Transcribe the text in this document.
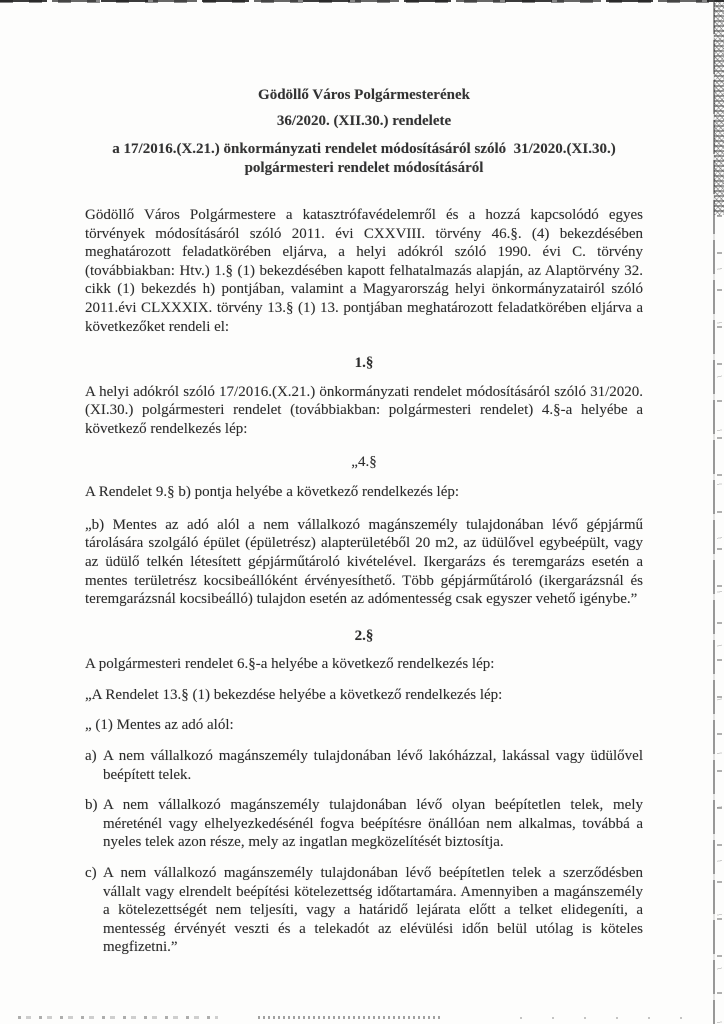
Gödöllő Város Polgármesterének
36/2020. (XII.30.) rendelete
a 17/2016.(X.21.) önkormányzati rendelet módosításáról szóló  31/2020.(XI.30.)
polgármesteri rendelet módosításáról

Gödöllő Város Polgármestere a katasztrófavédelemről és a hozzá kapcsolódó egyes törvények módosításáról szóló 2011. évi CXXVIII. törvény 46.§. (4) bekezdésében meghatározott feladatkörében eljárva, a helyi adókról szóló 1990. évi C. törvény (továbbiakban: Htv.) 1.§ (1) bekezdésében kapott felhatalmazás alapján, az Alaptörvény 32. cikk (1) bekezdés h) pontjában, valamint a Magyarország helyi önkormányzatairól szóló 2011.évi CLXXXIX. törvény 13.§ (1) 13. pontjában meghatározott feladatkörében eljárva a következőket rendeli el:

1.§

A helyi adókról szóló 17/2016.(X.21.) önkormányzati rendelet módosításáról szóló 31/2020.(XI.30.) polgármesteri rendelet (továbbiakban: polgármesteri rendelet) 4.§-a helyébe a következő rendelkezés lép:

„4.§

A Rendelet 9.§ b) pontja helyébe a következő rendelkezés lép:

„b) Mentes az adó alól a nem vállalkozó magánszemély tulajdonában lévő gépjármű tárolására szolgáló épület (épületrész) alapterületéből 20 m2, az üdülővel egybeépült, vagy az üdülő telkén létesített gépjárműtároló kivételével. Ikergarázs és teremgarázs esetén a mentes területrész kocsibeállóként érvényesíthető. Több gépjárműtároló (ikergarázsnál és teremgarázsnál kocsibeálló) tulajdon esetén az adómentesség csak egyszer vehető igénybe.”

2.§

A polgármesteri rendelet 6.§-a helyébe a következő rendelkezés lép:

„A Rendelet 13.§ (1) bekezdése helyébe a következő rendelkezés lép:

„ (1) Mentes az adó alól:

a) A nem vállalkozó magánszemély tulajdonában lévő lakóházzal, lakással vagy üdülővel beépített telek.
b) A nem vállalkozó magánszemély tulajdonában lévő olyan beépítetlen telek, mely méreténél vagy elhelyezkedésénél fogva beépítésre önállóan nem alkalmas, továbbá a nyeles telek azon része, mely az ingatlan megközelítését biztosítja.
c) A nem vállalkozó magánszemély tulajdonában lévő beépítetlen telek a szerződésben vállalt vagy elrendelt beépítési kötelezettség időtartamára. Amennyiben a magánszemély a kötelezettségét nem teljesíti, vagy a határidő lejárata előtt a telket elidegeníti, a mentesség érvényét veszti és a telekadót az elévülési időn belül utólag is köteles megfizetni.”
